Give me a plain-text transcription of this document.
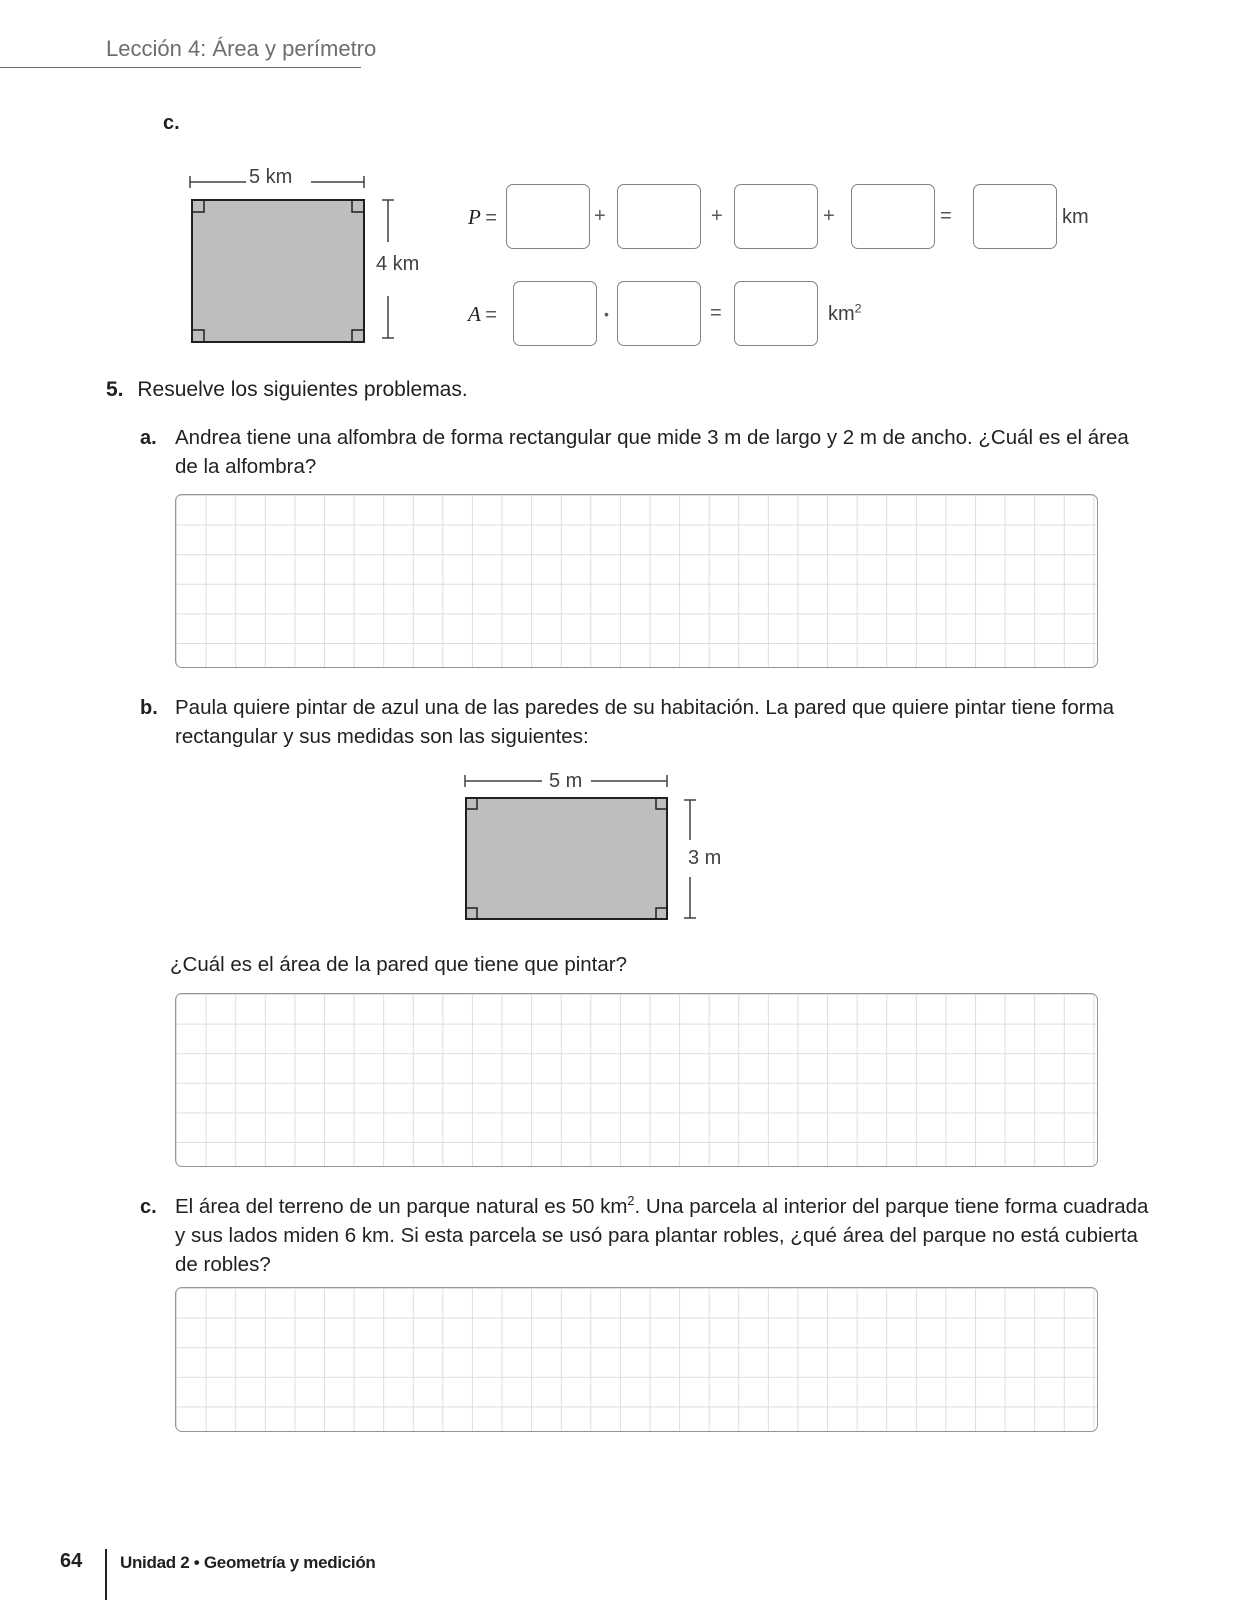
Lección 4: Área y perímetro
c.
5 km
4 km
P =	+	+	+	=	km
A =	•	=	$km^2$
5. Resuelve los siguientes problemas.
a. Andrea tiene una alfombra de forma rectangular que mide 3 m de largo y 2 m de ancho. ¿Cuál es el área
de la alfombra?
b. Paula quiere pintar de azul una de las paredes de su habitación. La pared que quiere pintar tiene forma
rectangular y sus medidas son las siguientes:
5 m
3 m
¿Cuál es el área de la pared que tiene que pintar?
c. El área del terreno de un parque natural es 50 $km^2$. Una parcela al interior del parque tiene forma cuadrada
y sus lados miden 6 km. Si esta parcela se usó para plantar robles, ¿qué área del parque no está cubierta
de robles?
64 Unidad 2 • Geometría y medición
